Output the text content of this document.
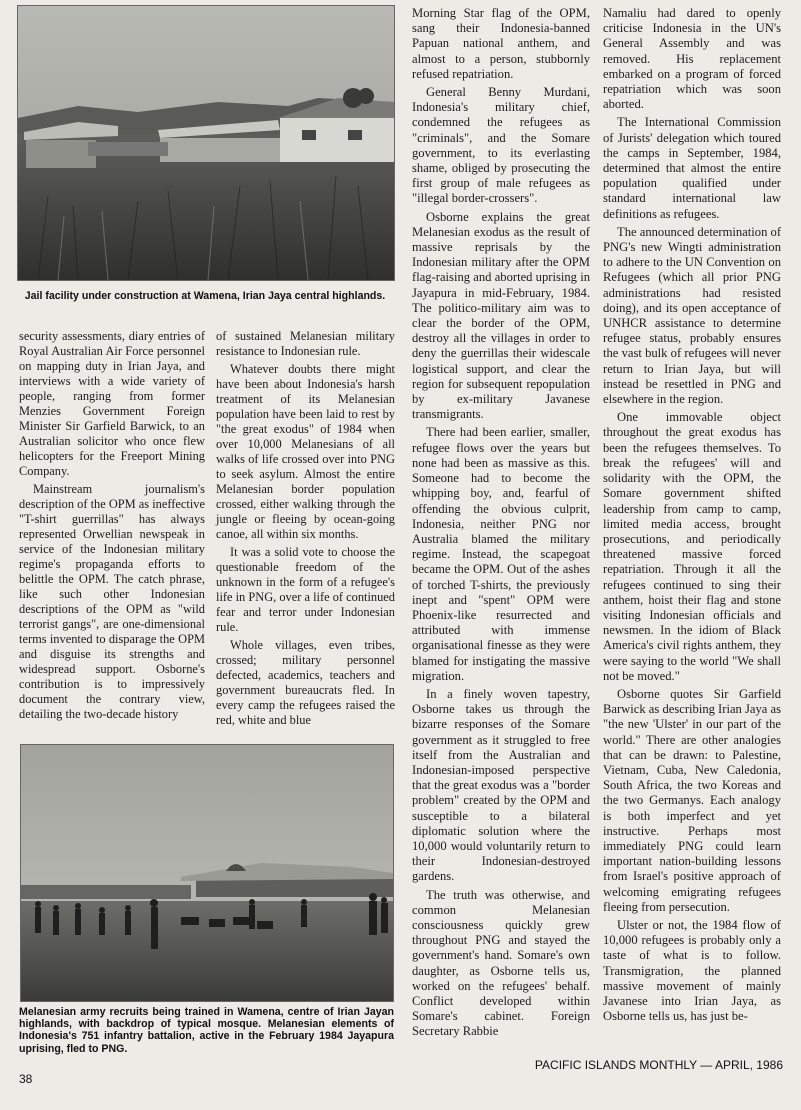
Jail facility under construction at Wamena, Irian Jaya central highlands.

security assessments, diary entries of Royal Australian Air Force personnel on mapping duty in Irian Jaya, and interviews with a wide variety of people, ranging from former Menzies Government Foreign Minister Sir Garfield Barwick, to an Australian solicitor who once flew helicopters for the Freeport Mining Company.

Mainstream journalism's description of the OPM as ineffective "T-shirt guerrillas" has always represented Orwellian newspeak in service of the Indonesian military regime's propaganda efforts to belittle the OPM. The catch phrase, like such other Indonesian descriptions of the OPM as "wild terrorist gangs", are one-dimensional terms invented to disparage the OPM and disguise its strengths and widespread support. Osborne's contribution is to impressively document the contrary view, detailing the two-decade history

of sustained Melanesian military resistance to Indonesian rule.

Whatever doubts there might have been about Indonesia's harsh treatment of its Melanesian population have been laid to rest by "the great exodus" of 1984 when over 10,000 Melanesians of all walks of life crossed over into PNG to seek asylum. Almost the entire Melanesian border population crossed, either walking through the jungle or fleeing by ocean-going canoe, all within six months.

It was a solid vote to choose the questionable freedom of the unknown in the form of a refugee's life in PNG, over a life of continued fear and terror under Indonesian rule.

Whole villages, even tribes, crossed; military personnel defected, academics, teachers and government bureaucrats fled. In every camp the refugees raised the red, white and blue

Melanesian army recruits being trained in Wamena, centre of Irian Jayan highlands, with backdrop of typical mosque. Melanesian elements of Indonesia's 751 infantry battalion, active in the February 1984 Jayapura uprising, fled to PNG.

Morning Star flag of the OPM, sang their Indonesia-banned Papuan national anthem, and almost to a person, stubbornly refused repatriation.

General Benny Murdani, Indonesia's military chief, condemned the refugees as "criminals", and the Somare government, to its everlasting shame, obliged by prosecuting the first group of male refugees as "illegal border-crossers".

Osborne explains the great Melanesian exodus as the result of massive reprisals by the Indonesian military after the OPM flag-raising and aborted uprising in Jayapura in mid-February, 1984. The politico-military aim was to clear the border of the OPM, destroy all the villages in order to deny the guerrillas their widescale logistical support, and clear the region for subsequent repopulation by ex-military Javanese transmigrants.

There had been earlier, smaller, refugee flows over the years but none had been as massive as this. Someone had to become the whipping boy, and, fearful of offending the obvious culprit, Indonesia, neither PNG nor Australia blamed the military regime. Instead, the scapegoat became the OPM. Out of the ashes of torched T-shirts, the previously inept and "spent" OPM were Phoenix-like resurrected and attributed with immense organisational finesse as they were blamed for instigating the massive migration.

In a finely woven tapestry, Osborne takes us through the bizarre responses of the Somare government as it struggled to free itself from the Australian and Indonesian-imposed perspective that the great exodus was a "border problem" created by the OPM and susceptible to a bilateral diplomatic solution where the 10,000 would voluntarily return to their Indonesian-destroyed gardens.

The truth was otherwise, and common Melanesian consciousness quickly grew throughout PNG and stayed the government's hand. Somare's own daughter, as Osborne tells us, worked on the refugees' behalf. Conflict developed within Somare's cabinet. Foreign Secretary Rabbie

Namaliu had dared to openly criticise Indonesia in the UN's General Assembly and was removed. His replacement embarked on a program of forced repatriation which was soon aborted.

The International Commission of Jurists' delegation which toured the camps in September, 1984, determined that almost the entire population qualified under standard international law definitions as refugees.

The announced determination of PNG's new Wingti administration to adhere to the UN Convention on Refugees (which all prior PNG administrations had resisted doing), and its open acceptance of UNHCR assistance to determine refugee status, probably ensures the vast bulk of refugees will never return to Irian Jaya, but will instead be resettled in PNG and elsewhere in the region.

One immovable object throughout the great exodus has been the refugees themselves. To break the refugees' will and solidarity with the OPM, the Somare government shifted leadership from camp to camp, limited media access, brought prosecutions, and periodically threatened massive forced repatriation. Through it all the refugees continued to sing their anthem, hoist their flag and stone visiting Indonesian officials and newsmen. In the idiom of Black America's civil rights anthem, they were saying to the world "We shall not be moved."

Osborne quotes Sir Garfield Barwick as describing Irian Jaya as "the new 'Ulster' in our part of the world." There are other analogies that can be drawn: to Palestine, Vietnam, Cuba, New Caledonia, South Africa, the two Koreas and the two Germanys. Each analogy is both imperfect and yet instructive. Perhaps most immediately PNG could learn important nation-building lessons from Israel's positive approach of welcoming emigrating refugees fleeing from persecution.

Ulster or not, the 1984 flow of 10,000 refugees is probably only a taste of what is to follow. Transmigration, the planned massive movement of mainly Javanese into Irian Jaya, as Osborne tells us, has just be-

38
PACIFIC ISLANDS MONTHLY — APRIL, 1986
